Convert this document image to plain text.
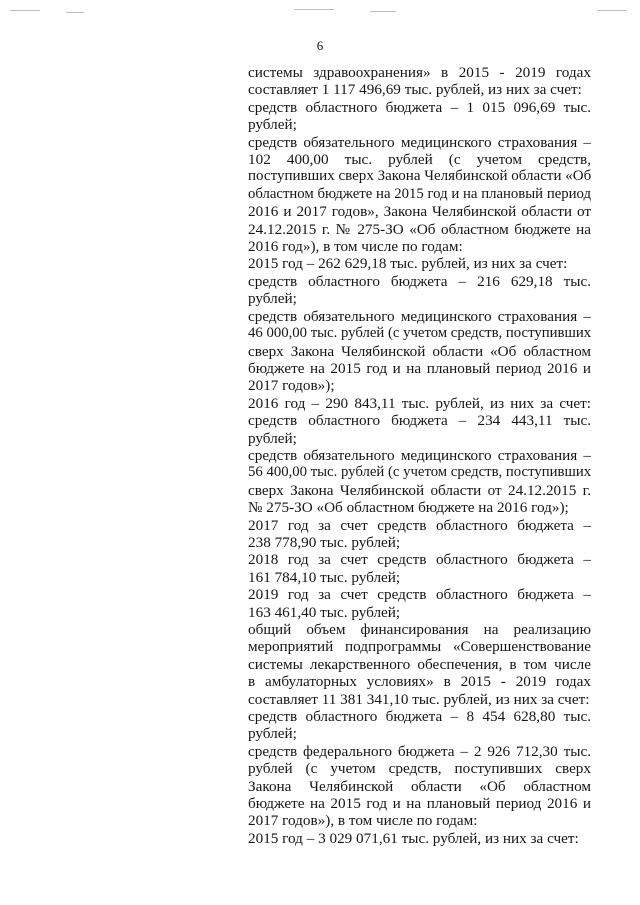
6
системы здравоохранения» в 2015 - 2019 годах
составляет 1 117 496,69 тыс. рублей, из них за счет:
средств областного бюджета – 1 015 096,69 тыс.
рублей;
средств обязательного медицинского страхования –
102 400,00 тыс. рублей (с учетом средств,
поступивших сверх Закона Челябинской области «Об
областном бюджете на 2015 год и на плановый период
2016 и 2017 годов», Закона Челябинской области от
24.12.2015 г. № 275-ЗО «Об областном бюджете на
2016 год»), в том числе по годам:
2015 год – 262 629,18 тыс. рублей, из них за счет:
средств областного бюджета – 216 629,18 тыс.
рублей;
средств обязательного медицинского страхования –
46 000,00 тыс. рублей (с учетом средств, поступивших
сверх Закона Челябинской области «Об областном
бюджете на 2015 год и на плановый период 2016 и
2017 годов»);
2016 год – 290 843,11 тыс. рублей, из них за счет:
средств областного бюджета – 234 443,11 тыс.
рублей;
средств обязательного медицинского страхования –
56 400,00 тыс. рублей (с учетом средств, поступивших
сверх Закона Челябинской области от 24.12.2015 г.
№ 275-ЗО «Об областном бюджете на 2016 год»);
2017 год за счет средств областного бюджета –
238 778,90 тыс. рублей;
2018 год за счет средств областного бюджета –
161 784,10 тыс. рублей;
2019 год за счет средств областного бюджета –
163 461,40 тыс. рублей;
общий объем финансирования на реализацию
мероприятий подпрограммы «Совершенствование
системы лекарственного обеспечения, в том числе
в амбулаторных условиях» в 2015 - 2019 годах
составляет 11 381 341,10 тыс. рублей, из них за счет:
средств областного бюджета – 8 454 628,80 тыс.
рублей;
средств федерального бюджета – 2 926 712,30 тыс.
рублей (с учетом средств, поступивших сверх
Закона Челябинской области «Об областном
бюджете на 2015 год и на плановый период 2016 и
2017 годов»), в том числе по годам:
2015 год – 3 029 071,61 тыс. рублей, из них за счет:
